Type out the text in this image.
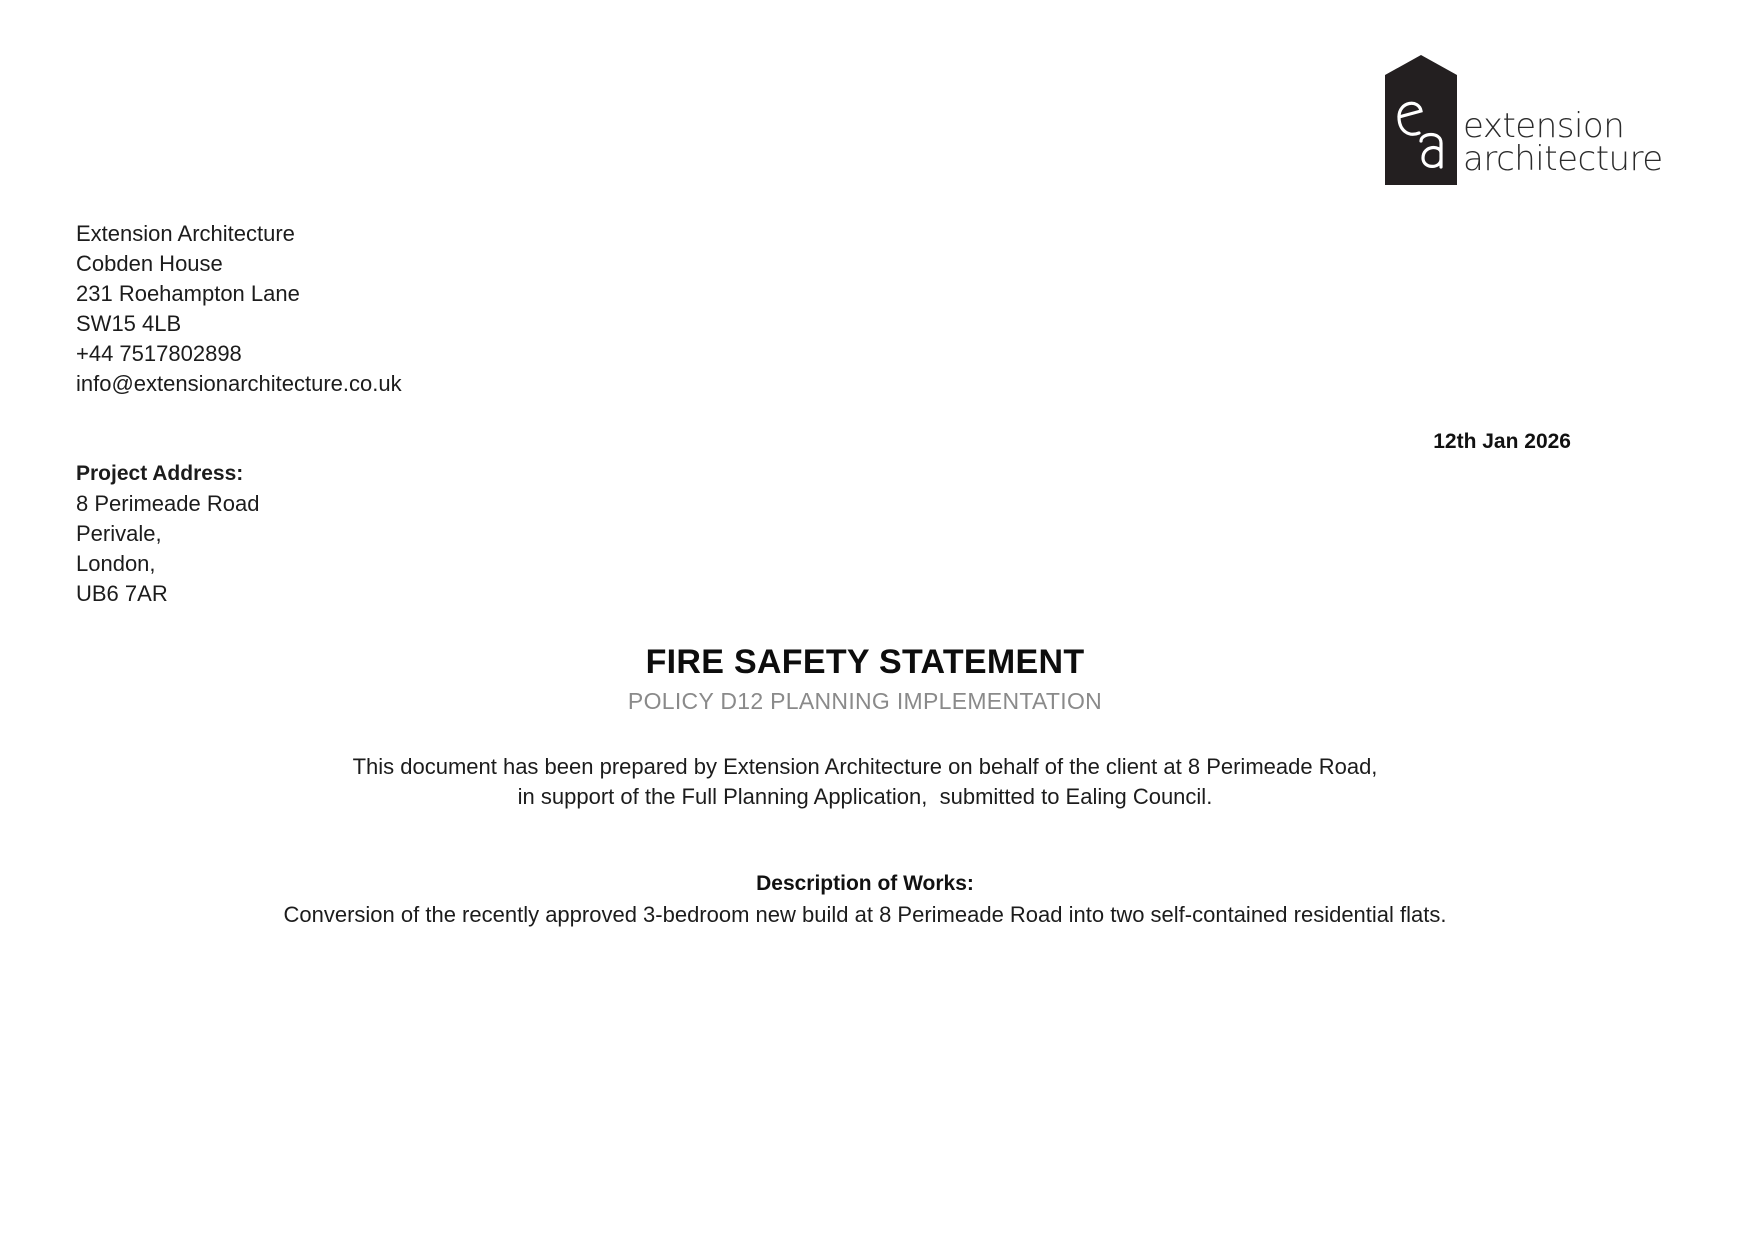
extension
architecture
Extension Architecture
Cobden House
231 Roehampton Lane
SW15 4LB
+44 7517802898
info@extensionarchitecture.co.uk
12th Jan 2026
Project Address:
8 Perimeade Road
Perivale,
London,
UB6 7AR
FIRE SAFETY STATEMENT
POLICY D12 PLANNING IMPLEMENTATION
This document has been prepared by Extension Architecture on behalf of the client at 8 Perimeade Road,
in support of the Full Planning Application,  submitted to Ealing Council.
Description of Works:
Conversion of the recently approved 3-bedroom new build at 8 Perimeade Road into two self-contained residential flats.
